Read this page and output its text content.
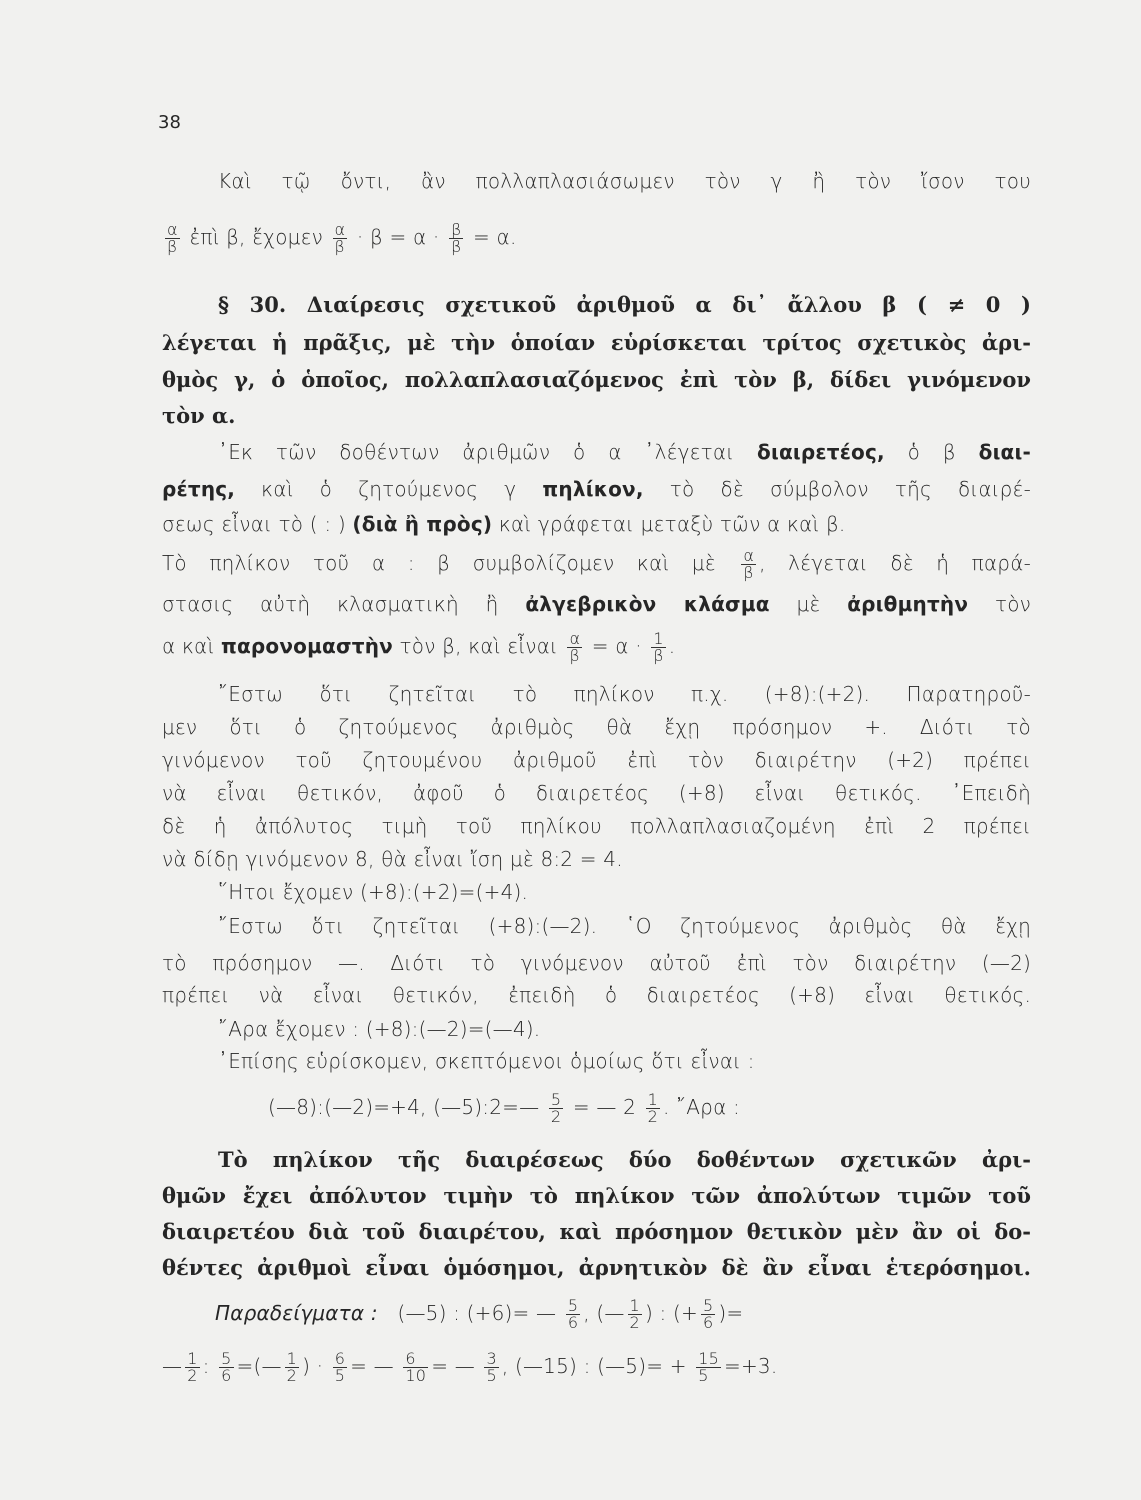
38
Καὶ τῷ ὄντι, ἂν πολλαπλασιάσωμεν τὸν γ ἢ τὸν ἴσον του
$\frac{\alpha}{\beta}$ ἐπὶ β, ἔχομεν $\frac{\alpha}{\beta} \cdot \beta = \alpha \cdot \frac{\beta}{\beta} = \alpha$.
§ 30. Διαίρεσις σχετικοῦ ἀριθμοῦ α δι᾽ ἄλλου β ( ≠ 0 )
λέγεται ἡ πρᾶξις, μὲ τὴν ὁποίαν εὑρίσκεται τρίτος σχετικὸς ἀρι-
θμὸς γ, ὁ ὁποῖος, πολλαπλασιαζόμενος ἐπὶ τὸν β, δίδει γινόμενον
τὸν α.
᾽Εκ τῶν δοθέντων ἀριθμῶν ὁ α ᾽λέγεται διαιρετέος, ὁ β διαι-
ρέτης, καὶ ὁ ζητούμενος γ πηλίκον, τὸ δὲ σύμβολον τῆς διαιρέ-
σεως εἶναι τὸ ( : ) (διὰ ἢ πρὸς) καὶ γράφεται μεταξὺ τῶν α καὶ β.
Τὸ πηλίκον τοῦ α : β συμβολίζομεν καὶ μὲ $\frac{\alpha}{\beta}$ , λέγεται δὲ ἡ παρά-
στασις αὐτὴ κλασματικὴ ἢ ἀλγεβρικὸν κλάσμα μὲ ἀριθμητὴν τὸν
α καὶ παρονομαστὴν τὸν β, καὶ εἶναι $\frac{\alpha}{\beta} = \alpha \cdot \frac{1}{\beta}$ .
῎Εστω ὅτι ζητεῖται τὸ πηλίκον π.χ. (+8):(+2). Παρατηροῦ-
μεν ὅτι ὁ ζητούμενος ἀριθμὸς θὰ ἔχῃ πρόσημον +. Διότι τὸ
γινόμενον τοῦ ζητουμένου ἀριθμοῦ ἐπὶ τὸν διαιρέτην (+2) πρέπει
νὰ εἶναι θετικόν, ἀφοῦ ὁ διαιρετέος (+8) εἶναι θετικός. ᾽Επειδὴ
δὲ ἡ ἀπόλυτος τιμὴ τοῦ πηλίκου πολλαπλασιαζομένη ἐπὶ 2 πρέπει
νὰ δίδῃ γινόμενον 8, θὰ εἶναι ἴση μὲ 8:2 = 4.
῞Ητοι ἔχομεν (+8):(+2)=(+4).
῎Εστω ὅτι ζητεῖται (+8):(—2). ῾Ο ζητούμενος ἀριθμὸς θὰ ἔχῃ
τὸ πρόσημον —. Διότι τὸ γινόμενον αὐτοῦ ἐπὶ τὸν διαιρέτην (—2)
πρέπει νὰ εἶναι θετικόν, ἐπειδὴ ὁ διαιρετέος (+8) εἶναι θετικός.
῎Αρα ἔχομεν : (+8):(—2)=(—4).
᾽Επίσης εὑρίσκομεν, σκεπτόμενοι ὁμοίως ὅτι εἶναι :
(—8):(—2)=+4, (—5):2=— $\frac{5}{2}$ = — $2 \frac{1}{2}$ . ῎Αρα :
Τὸ πηλίκον τῆς διαιρέσεως δύο δοθέντων σχετικῶν ἀρι-
θμῶν ἔχει ἀπόλυτον τιμὴν τὸ πηλίκον τῶν ἀπολύτων τιμῶν τοῦ
διαιρετέου διὰ τοῦ διαιρέτου, καὶ πρόσημον θετικὸν μὲν ἂν οἱ δο-
θέντες ἀριθμοὶ εἶναι ὁμόσημοι, ἀρνητικὸν δὲ ἂν εἶναι ἑτερόσημοι.
Παραδείγματα : (—5) : (+6)= — $\frac{5}{6}$ , (— $\frac{1}{2}$ ) : (+ $\frac{5}{6}$ )=
— $\frac{1}{2}$ : $\frac{5}{6}$ =(— $\frac{1}{2}$ ) · $\frac{6}{5}$ = — $\frac{6}{10}$ = — $\frac{3}{5}$ , (—15) : (—5)= + $\frac{15}{5} =+3$.
